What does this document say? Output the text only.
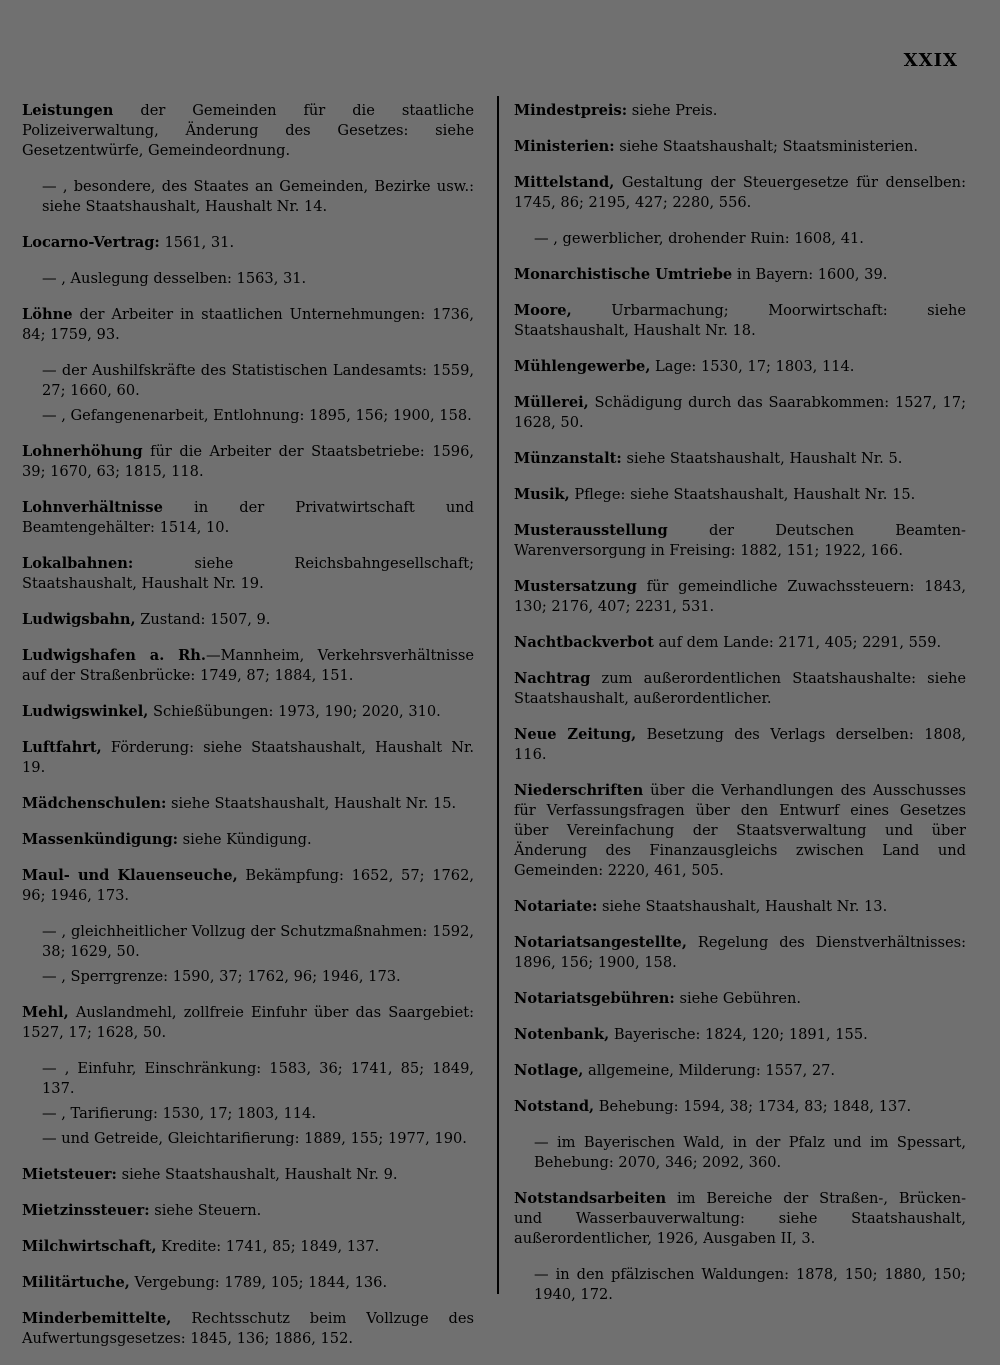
XXIX
Leistungen der Gemeinden für die staatliche Polizeiverwaltung, Änderung des Gesetzes: siehe Gesetzentwürfe, Gemeindeordnung.
— , besondere, des Staates an Gemeinden, Bezirke usw.: siehe Staatshaushalt, Haushalt Nr. 14.
Locarno-Vertrag: 1561, 31.
— , Auslegung desselben: 1563, 31.
Löhne der Arbeiter in staatlichen Unternehmungen: 1736, 84; 1759, 93.
— der Aushilfskräfte des Statistischen Landesamts: 1559, 27; 1660, 60.
— , Gefangenenarbeit, Entlohnung: 1895, 156; 1900, 158.
Lohnerhöhung für die Arbeiter der Staatsbetriebe: 1596, 39; 1670, 63; 1815, 118.
Lohnverhältnisse in der Privatwirtschaft und Beamtengehälter: 1514, 10.
Lokalbahnen: siehe Reichsbahngesellschaft; Staatshaushalt, Haushalt Nr. 19.
Ludwigsbahn, Zustand: 1507, 9.
Ludwigshafen a. Rh.—Mannheim, Verkehrsverhältnisse auf der Straßenbrücke: 1749, 87; 1884, 151.
Ludwigswinkel, Schießübungen: 1973, 190; 2020, 310.
Luftfahrt, Förderung: siehe Staatshaushalt, Haushalt Nr. 19.
Mädchenschulen: siehe Staatshaushalt, Haushalt Nr. 15.
Massenkündigung: siehe Kündigung.
Maul- und Klauenseuche, Bekämpfung: 1652, 57; 1762, 96; 1946, 173.
— , gleichheitlicher Vollzug der Schutzmaßnahmen: 1592, 38; 1629, 50.
— , Sperrgrenze: 1590, 37; 1762, 96; 1946, 173.
Mehl, Auslandmehl, zollfreie Einfuhr über das Saargebiet: 1527, 17; 1628, 50.
— , Einfuhr, Einschränkung: 1583, 36; 1741, 85; 1849, 137.
— , Tarifierung: 1530, 17; 1803, 114.
— und Getreide, Gleichtarifierung: 1889, 155; 1977, 190.
Mietsteuer: siehe Staatshaushalt, Haushalt Nr. 9.
Mietzinssteuer: siehe Steuern.
Milchwirtschaft, Kredite: 1741, 85; 1849, 137.
Militärtuche, Vergebung: 1789, 105; 1844, 136.
Minderbemittelte, Rechtsschutz beim Vollzuge des Aufwertungsgesetzes: 1845, 136; 1886, 152.
Mindestpreis: siehe Preis.
Ministerien: siehe Staatshaushalt; Staatsministerien.
Mittelstand, Gestaltung der Steuergesetze für denselben: 1745, 86; 2195, 427; 2280, 556.
— , gewerblicher, drohender Ruin: 1608, 41.
Monarchistische Umtriebe in Bayern: 1600, 39.
Moore, Urbarmachung; Moorwirtschaft: siehe Staatshaushalt, Haushalt Nr. 18.
Mühlengewerbe, Lage: 1530, 17; 1803, 114.
Müllerei, Schädigung durch das Saarabkommen: 1527, 17; 1628, 50.
Münzanstalt: siehe Staatshaushalt, Haushalt Nr. 5.
Musik, Pflege: siehe Staatshaushalt, Haushalt Nr. 15.
Musterausstellung der Deutschen Beamten-Warenversorgung in Freising: 1882, 151; 1922, 166.
Mustersatzung für gemeindliche Zuwachssteuern: 1843, 130; 2176, 407; 2231, 531.
Nachtbackverbot auf dem Lande: 2171, 405; 2291, 559.
Nachtrag zum außerordentlichen Staatshaushalte: siehe Staatshaushalt, außerordentlicher.
Neue Zeitung, Besetzung des Verlags derselben: 1808, 116.
Niederschriften über die Verhandlungen des Ausschusses für Verfassungsfragen über den Entwurf eines Gesetzes über Vereinfachung der Staatsverwaltung und über Änderung des Finanzausgleichs zwischen Land und Gemeinden: 2220, 461, 505.
Notariate: siehe Staatshaushalt, Haushalt Nr. 13.
Notariatsangestellte, Regelung des Dienstverhältnisses: 1896, 156; 1900, 158.
Notariatsgebühren: siehe Gebühren.
Notenbank, Bayerische: 1824, 120; 1891, 155.
Notlage, allgemeine, Milderung: 1557, 27.
Notstand, Behebung: 1594, 38; 1734, 83; 1848, 137.
— im Bayerischen Wald, in der Pfalz und im Spessart, Behebung: 2070, 346; 2092, 360.
Notstandsarbeiten im Bereiche der Straßen-, Brücken- und Wasserbauverwaltung: siehe Staatshaushalt, außerordentlicher, 1926, Ausgaben II, 3.
— in den pfälzischen Waldungen: 1878, 150; 1880, 150; 1940, 172.
